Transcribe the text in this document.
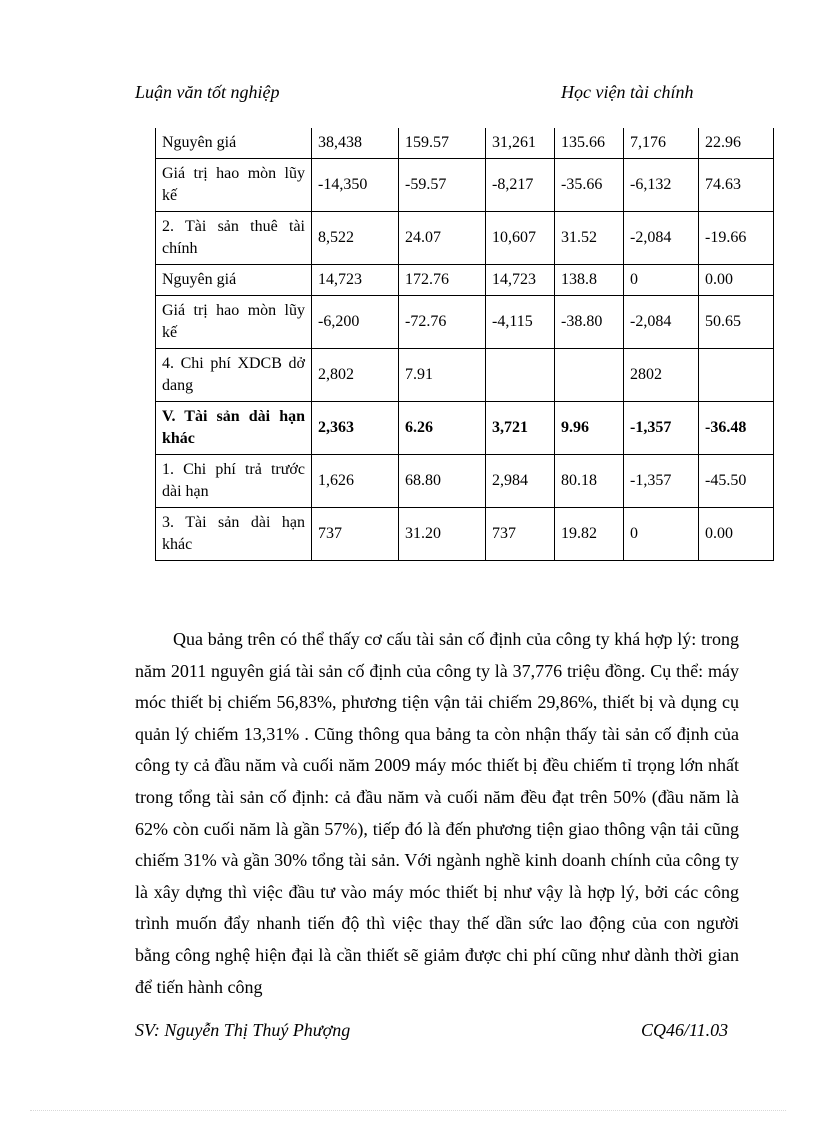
Luận văn tốt nghiệp	Học viện tài chính
Nguyên giá	38,438	159.57	31,261	135.66	7,176	22.96
Giá trị hao mòn lũy kế	-14,350	-59.57	-8,217	-35.66	-6,132	74.63
2. Tài sản thuê tài chính	8,522	24.07	10,607	31.52	-2,084	-19.66
Nguyên giá	14,723	172.76	14,723	138.8	0	0.00
Giá trị hao mòn lũy kế	-6,200	-72.76	-4,115	-38.80	-2,084	50.65
4. Chi phí XDCB dở dang	2,802	7.91			2802	
V. Tài sản dài hạn khác	2,363	6.26	3,721	9.96	-1,357	-36.48
1. Chi phí trả trước dài hạn	1,626	68.80	2,984	80.18	-1,357	-45.50
3. Tài sản dài hạn khác	737	31.20	737	19.82	0	0.00

Qua bảng trên có thể thấy cơ cấu tài sản cố định của công ty khá hợp lý: trong năm 2011 nguyên giá tài sản cố định của công ty là 37,776 triệu đồng. Cụ thể: máy móc thiết bị chiếm 56,83%, phương tiện vận tải chiếm 29,86%, thiết bị và dụng cụ quản lý chiếm 13,31% . Cũng thông qua bảng ta còn nhận thấy tài sản cố định của công ty cả đầu năm và cuối năm 2009 máy móc thiết bị đều chiếm tỉ trọng lớn nhất trong tổng tài sản cố định: cả đầu năm và cuối năm đều đạt trên 50% (đầu năm là 62% còn cuối năm là gần 57%), tiếp đó là đến phương tiện giao thông vận tải cũng chiếm 31% và gần 30% tổng tài sản. Với ngành nghề kinh doanh chính của công ty là xây dựng thì việc đầu tư vào máy móc thiết bị như vậy là hợp lý, bởi các công trình muốn đẩy nhanh tiến độ thì việc thay thế dần sức lao động của con người bằng công nghệ hiện đại là cần thiết sẽ giảm được chi phí cũng như dành thời gian để tiến hành công

SV: Nguyễn Thị Thuý Phượng	CQ46/11.03
